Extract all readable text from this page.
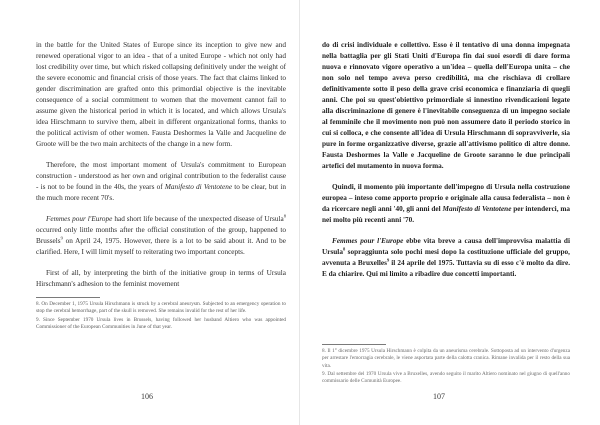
in the battle for the United States of Europe since its inception to give new and renewed operational vigor to an idea - that of a united Europe - which not only had lost credibility over time, but which risked collapsing definitively under the weight of the severe economic and financial crisis of those years. The fact that claims linked to gender discrimination are grafted onto this primordial objective is the inevitable consequence of a social commitment to women that the movement cannot fail to assume given the historical period in which it is located, and which allows Ursula's idea Hirschmann to survive them, albeit in different organizational forms, thanks to the political activism of other women. Fausta Deshormes la Valle and Jacqueline de Groote will be the two main architects of the change in a new form.

Therefore, the most important moment of Ursula's commitment to European construction - understood as her own and original contribution to the federalist cause - is not to be found in the 40s, the years of Manifesto di Ventotene to be clear, but in the much more recent 70's.

Femmes pour l'Europe had short life because of the unexpected disease of Ursula$^8$ occurred only little months after the official constitution of the group, happened to Brussels$^9$ on April 24, 1975. However, there is a lot to be said about it. And to be clarified. Here, I will limit myself to reiterating two important concepts.

First of all, by interpreting the birth of the initiative group in terms of Ursula Hirschmann's adhesion to the feminist movement

8. On December 1, 1975 Ursula Hirschmann is struck by a cerebral aneurysm. Subjected to an emergency operation to stop the cerebral hemorrhage, part of the skull is removed. She remains invalid for the rest of her life.

9. Since September 1970 Ursula lives in Brussels, having followed her husband Altiero who was appointed Commissioner of the European Communities in June of that year.

106

do di crisi individuale e collettivo. Esso è il tentativo di una donna impegnata nella battaglia per gli Stati Uniti d'Europa fin dai suoi esordi di dare forma nuova e rinnovato vigore operativo a un'idea – quella dell'Europa unita – che non solo nel tempo aveva perso credibilità, ma che rischiava di crollare definitivamente sotto il peso della grave crisi economica e finanziaria di quegli anni. Che poi su quest'obiettivo primordiale si innestino rivendicazioni legate alla discriminazione di genere è l'inevitabile conseguenza di un impegno sociale al femminile che il movimento non può non assumere dato il periodo storico in cui si colloca, e che consente all'idea di Ursula Hirschmann di sopravviverle, sia pure in forme organizzative diverse, grazie all'attivismo politico di altre donne. Fausta Deshormes la Valle e Jacqueline de Groote saranno le due principali artefici del mutamento in nuova forma.

Quindi, il momento più importante dell'impegno di Ursula nella costruzione europea – inteso come apporto proprio e originale alla causa federalista – non è da ricercare negli anni '40, gli anni del Manifesto di Ventotene per intenderci, ma nei molto più recenti anni '70.

Femmes pour l'Europe ebbe vita breve a causa dell'improvvisa malattia di Ursula$^8$ sopraggiunta solo pochi mesi dopo la costituzione ufficiale del gruppo, avvenuta a Bruxelles$^9$ il 24 aprile del 1975. Tuttavia su di esso c'è molto da dire. E da chiarire. Qui mi limito a ribadire due concetti importanti.

8. Il 1° dicembre 1975 Ursula Hirschmann è colpita da un aneurisma cerebrale. Sottoposta ad un intervento d'urgenza per arrestare l'emorragia cerebrale, le viene asportata parte della calotta cranica. Rimane invalida per il resto della sua vita.

9. Dal settembre del 1970 Ursula vive a Bruxelles, avendo seguito il marito Altiero nominato nel giugno di quell'anno commissario delle Comunità Europee.

107
